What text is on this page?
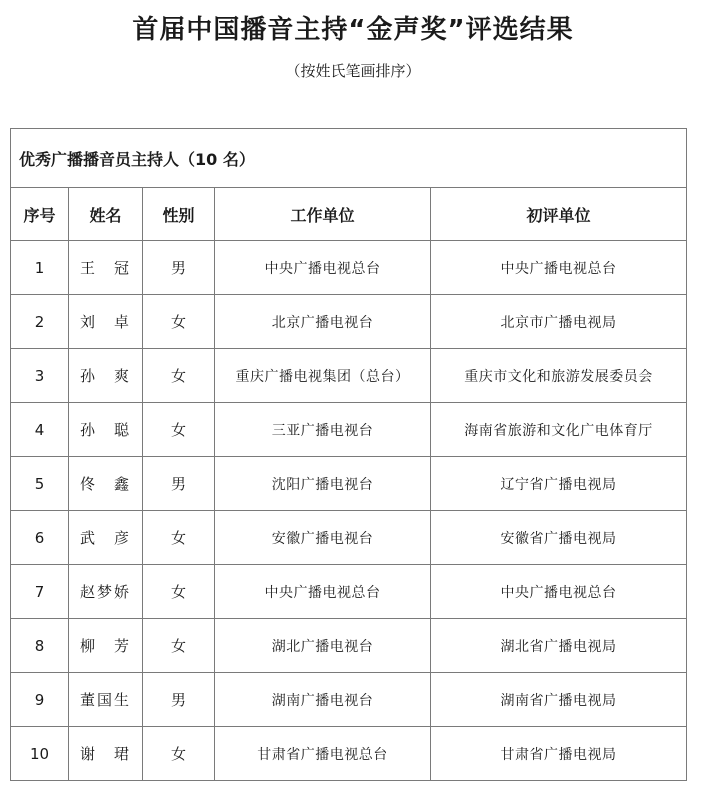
首届中国播音主持“金声奖”评选结果
（按姓氏笔画排序）
优秀广播播音员主持人（10 名）				
序号	姓名	性别	工作单位	初评单位
1	王　冠	男	中央广播电视总台	中央广播电视总台
2	刘　卓	女	北京广播电视台	北京市广播电视局
3	孙　爽	女	重庆广播电视集团（总台）	重庆市文化和旅游发展委员会
4	孙　聪	女	三亚广播电视台	海南省旅游和文化广电体育厅
5	佟　鑫	男	沈阳广播电视台	辽宁省广播电视局
6	武　彦	女	安徽广播电视台	安徽省广播电视局
7	赵梦娇	女	中央广播电视总台	中央广播电视总台
8	柳　芳	女	湖北广播电视台	湖北省广播电视局
9	董国生	男	湖南广播电视台	湖南省广播电视局
10	谢　珺	女	甘肃省广播电视总台	甘肃省广播电视局
